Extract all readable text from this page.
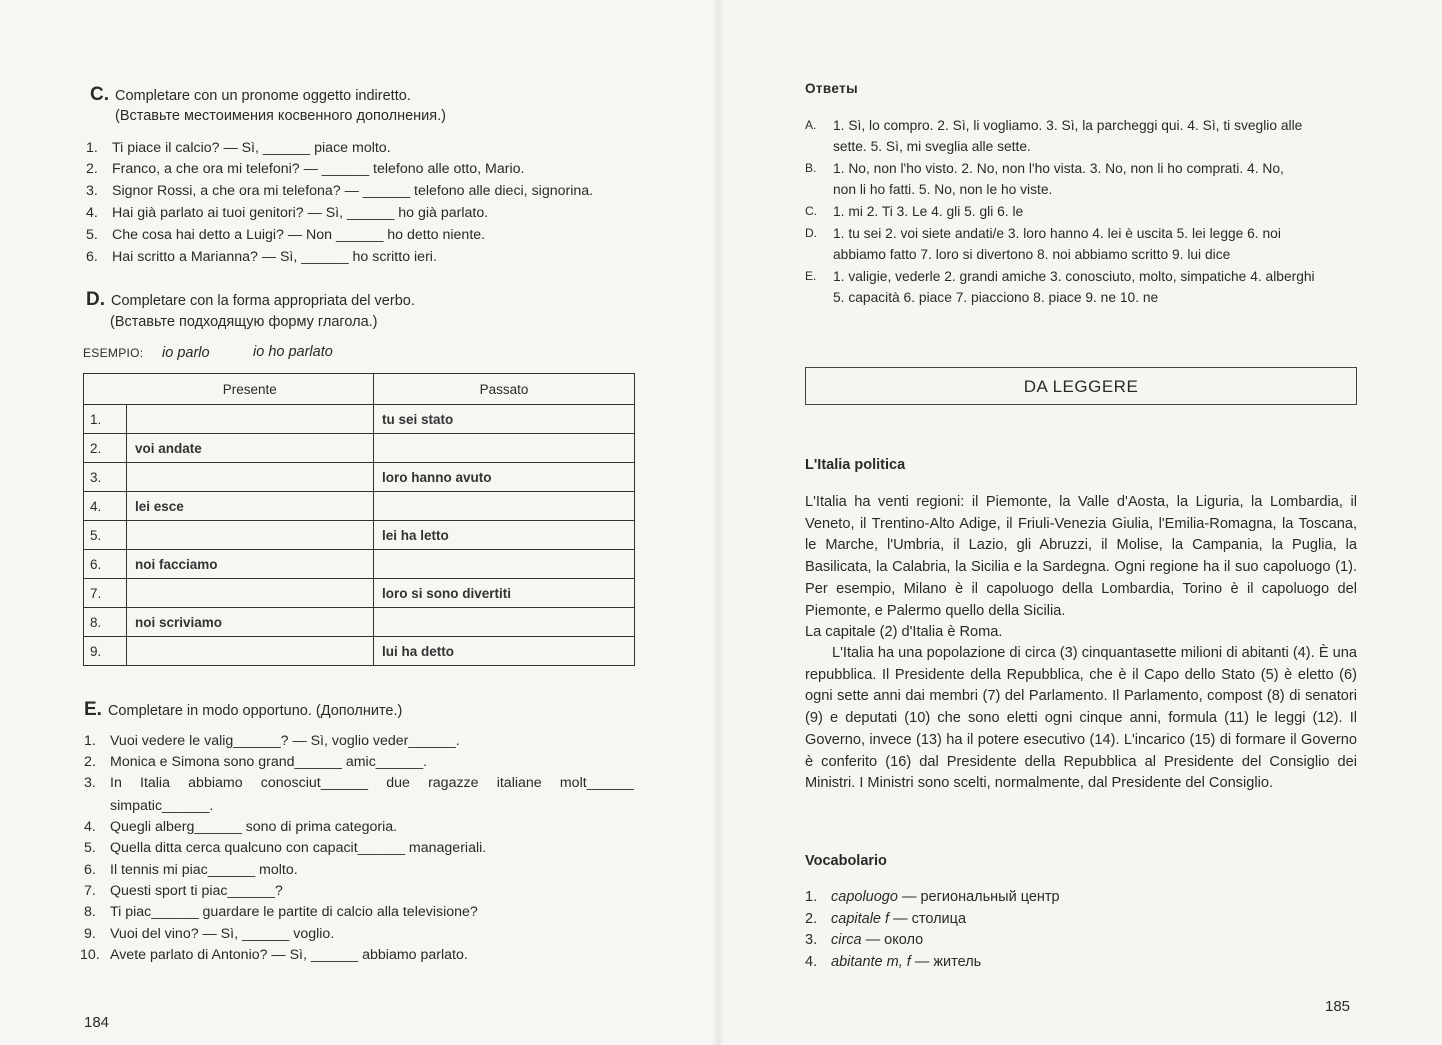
C. Completare con un pronome oggetto indiretto.
(Вставьте местоимения косвенного дополнения.)
1. Ti piace il calcio? — Sì, ______ piace molto.
2. Franco, a che ora mi telefoni? — ______ telefono alle otto, Mario.
3. Signor Rossi, a che ora mi telefona? — ______ telefono alle dieci, signorina.
4. Hai già parlato ai tuoi genitori? — Sì, ______ ho già parlato.
5. Che cosa hai detto a Luigi? — Non ______ ho detto niente.
6. Hai scritto a Marianna? — Sì, ______ ho scritto ieri.
D. Completare con la forma appropriata del verbo.
(Вставьте подходящую форму глагола.)
ESEMPIO: io parlo	io ho parlato
	Presente	Passato
1.		tu sei stato
2.	voi andate	
3.		loro hanno avuto
4.	lei esce	
5.		lei ha letto
6.	noi facciamo	
7.		loro si sono divertiti
8.	noi scriviamo	
9.		lui ha detto
E. Completare in modo opportuno. (Дополните.)
1. Vuoi vedere le valig______? — Sì, voglio veder______.
2. Monica e Simona sono grand______ amic______.
3. In Italia abbiamo conosciut______ due ragazze italiane molt______
simpatic______.
4. Quegli alberg______ sono di prima categoria.
5. Quella ditta cerca qualcuno con capacit______ manageriali.
6. Il tennis mi piac______ molto.
7. Questi sport ti piac______?
8. Ti piac______ guardare le partite di calcio alla televisione?
9. Vuoi del vino? — Sì, ______ voglio.
10. Avete parlato di Antonio? — Sì, ______ abbiamo parlato.
184
Ответы
A.	1. Sì, lo compro. 2. Sì, li vogliamo. 3. Sì, la parcheggi qui. 4. Sì, ti sveglio alle
sette. 5. Sì, mi sveglia alle sette.
B.	1. No, non l'ho visto. 2. No, non l'ho vista. 3. No, non li ho comprati. 4. No,
non li ho fatti. 5. No, non le ho viste.
C.	1. mi 2. Ti 3. Le 4. gli 5. gli 6. le
D.	1. tu sei 2. voi siete andati/e 3. loro hanno 4. lei è uscita 5. lei legge 6. noi
abbiamo fatto 7. loro si divertono 8. noi abbiamo scritto 9. lui dice
E.	1. valigie, vederle 2. grandi amiche 3. conosciuto, molto, simpatiche 4. alberghi
5. capacità 6. piace 7. piacciono 8. piace 9. ne 10. ne
DA LEGGERE
L'Italia politica
L'Italia ha venti regioni: il Piemonte, la Valle d'Aosta, la Liguria, la Lombardia, il Veneto, il Trentino-Alto Adige, il Friuli-Venezia Giulia, l'Emilia-Romagna, la Toscana, le Marche, l'Umbria, il Lazio, gli Abruzzi, il Molise, la Campania, la Puglia, la Basilicata, la Calabria, la Sicilia e la Sardegna. Ogni regione ha il suo capoluogo (1). Per esempio, Milano è il capoluogo della Lombardia, Torino è il capoluogo del Piemonte, e Palermo quello della Sicilia.
La capitale (2) d'Italia è Roma.
L'Italia ha una popolazione di circa (3) cinquantasette milioni di abitanti (4). È una repubblica. Il Presidente della Repubblica, che è il Capo dello Stato (5) è eletto (6) ogni sette anni dai membri (7) del Parlamento. Il Parlamento, compost (8) di senatori (9) e deputati (10) che sono eletti ogni cinque anni, formula (11) le leggi (12). Il Governo, invece (13) ha il potere esecutivo (14). L'incarico (15) di formare il Governo è conferito (16) dal Presidente della Repubblica al Presidente del Consiglio dei Ministri. I Ministri sono scelti, normalmente, dal Presidente del Consiglio.
Vocabolario
1. capoluogo — региональный центр
2. capitale f — столица
3. circa — около
4. abitante m, f — житель
185
